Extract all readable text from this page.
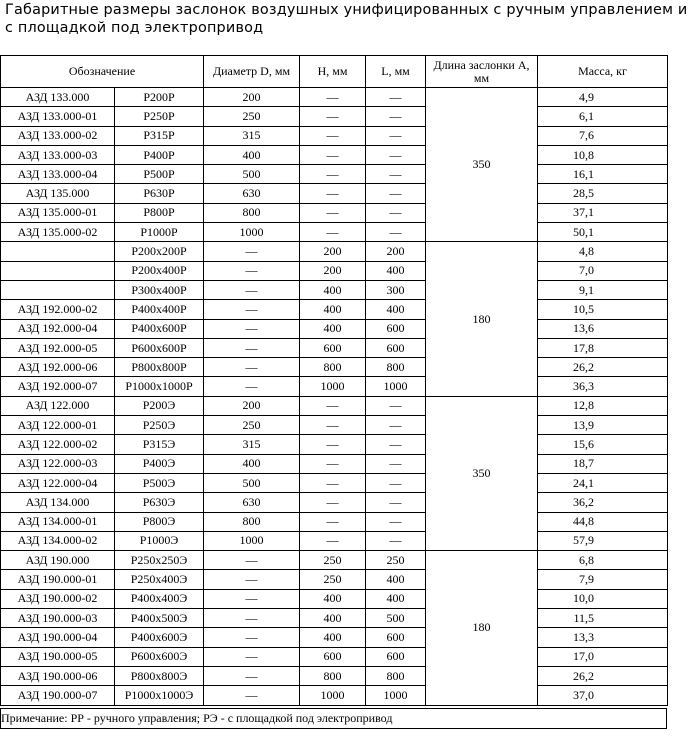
Габаритные размеры заслонок воздушных унифицированных с ручным управлением и с площадкой под электропривод
Обозначение		Диаметр D, мм	H, мм	L, мм	Длина заслонки А, мм	Масса, кг
АЗД 133.000	Р200Р	200	—	—	350	4,9
АЗД 133.000-01	Р250Р	250	—	—		6,1
АЗД 133.000-02	Р315Р	315	—	—		7,6
АЗД 133.000-03	Р400Р	400	—	—		10,8
АЗД 133.000-04	Р500Р	500	—	—		16,1
АЗД 135.000	Р630Р	630	—	—		28,5
АЗД 135.000-01	Р800Р	800	—	—		37,1
АЗД 135.000-02	Р1000Р	1000	—	—		50,1
	Р200х200Р	—	200	200	180	4,8
	Р200х400Р	—	200	400		7,0
	Р300х400Р	—	400	300		9,1
АЗД 192.000-02	Р400х400Р	—	400	400		10,5
АЗД 192.000-04	Р400х600Р	—	400	600		13,6
АЗД 192.000-05	Р600х600Р	—	600	600		17,8
АЗД 192.000-06	Р800х800Р	—	800	800		26,2
АЗД 192.000-07	Р1000х1000Р	—	1000	1000		36,3
АЗД 122.000	Р200Э	200	—	—	350	12,8
АЗД 122.000-01	Р250Э	250	—	—		13,9
АЗД 122.000-02	Р315Э	315	—	—		15,6
АЗД 122.000-03	Р400Э	400	—	—		18,7
АЗД 122.000-04	Р500Э	500	—	—		24,1
АЗД 134.000	Р630Э	630	—	—		36,2
АЗД 134.000-01	Р800Э	800	—	—		44,8
АЗД 134.000-02	Р1000Э	1000	—	—		57,9
АЗД 190.000	Р250х250Э	—	250	250	180	6,8
АЗД 190.000-01	Р250х400Э	—	250	400		7,9
АЗД 190.000-02	Р400х400Э	—	400	400		10,0
АЗД 190.000-03	Р400х500Э	—	400	500		11,5
АЗД 190.000-04	Р400х600Э	—	400	600		13,3
АЗД 190.000-05	Р600х600Э	—	600	600		17,0
АЗД 190.000-06	Р800х800Э	—	800	800		26,2
АЗД 190.000-07	Р1000х1000Э	—	1000	1000		37,0
Примечание: РР - ручного управления; РЭ - с площадкой под электропривод
